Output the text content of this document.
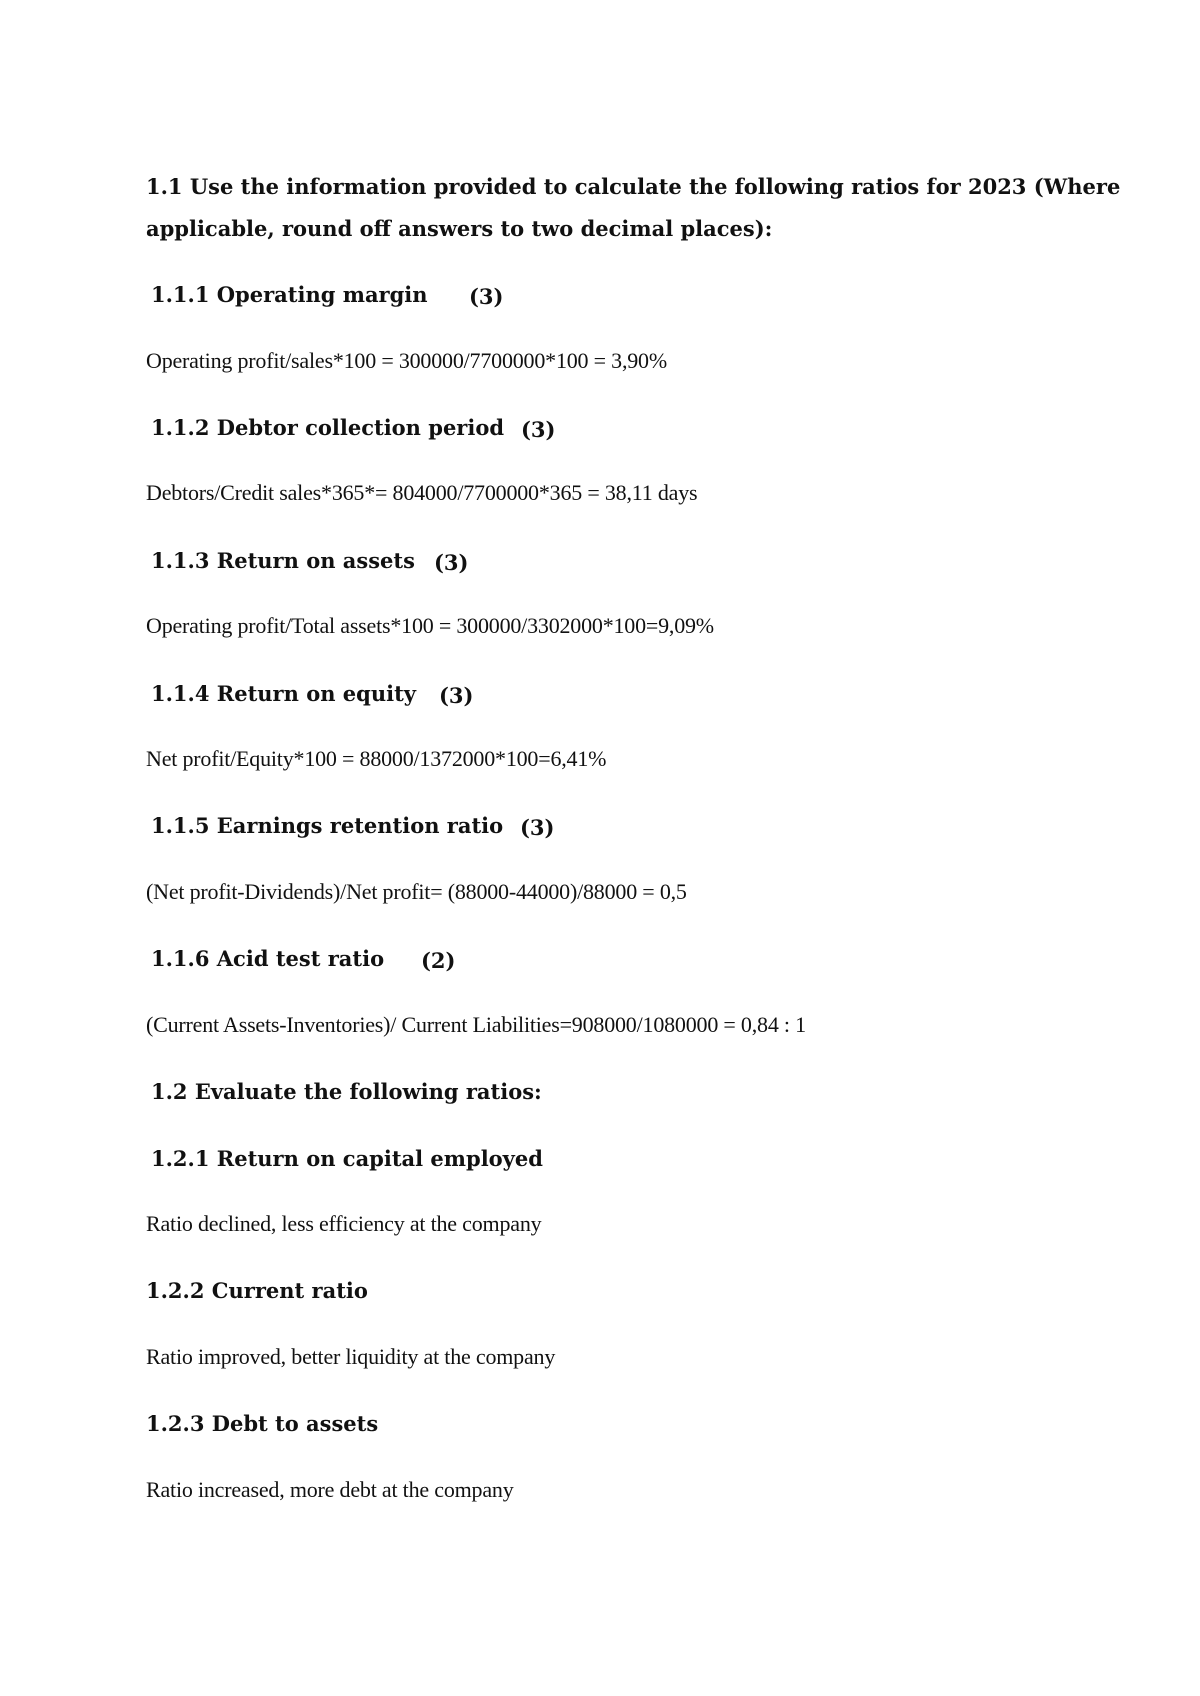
1.1 Use the information provided to calculate the following ratios for 2023 (Where
applicable, round off answers to two decimal places):
1.1.1 Operating margin (3)
Operating profit/sales*100 = 300000/7700000*100 = 3,90%
1.1.2 Debtor collection period (3)
Debtors/Credit sales*365*= 804000/7700000*365 = 38,11 days
1.1.3 Return on assets (3)
Operating profit/Total assets*100 = 300000/3302000*100=9,09%
1.1.4 Return on equity (3)
Net profit/Equity*100 = 88000/1372000*100=6,41%
1.1.5 Earnings retention ratio (3)
(Net profit-Dividends)/Net profit= (88000-44000)/88000 = 0,5
1.1.6 Acid test ratio (2)
(Current Assets-Inventories)/ Current Liabilities=908000/1080000 = 0,84 : 1
1.2 Evaluate the following ratios:
1.2.1 Return on capital employed
Ratio declined, less efficiency at the company
1.2.2 Current ratio
Ratio improved, better liquidity at the company
1.2.3 Debt to assets
Ratio increased, more debt at the company
